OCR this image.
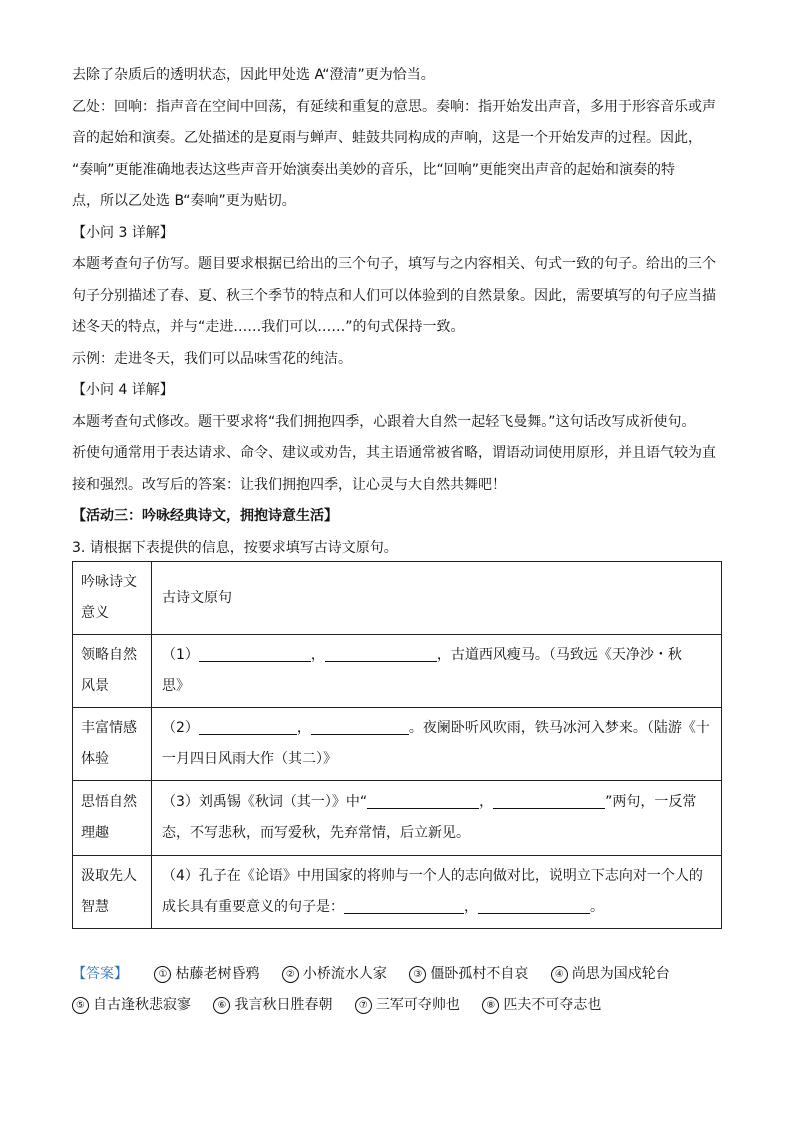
去除了杂质后的透明状态，因此甲处选 A“澄清”更为恰当。
乙处：回响：指声音在空间中回荡，有延续和重复的意思。奏响：指开始发出声音，多用于形容音乐或声
音的起始和演奏。乙处描述的是夏雨与蝉声、蛙鼓共同构成的声响，这是一个开始发声的过程。因此，
“奏响”更能准确地表达这些声音开始演奏出美妙的音乐，比“回响”更能突出声音的起始和演奏的特
点，所以乙处选 B“奏响”更为贴切。
【小问 3 详解】
本题考查句子仿写。题目要求根据已给出的三个句子，填写与之内容相关、句式一致的句子。给出的三个
句子分别描述了春、夏、秋三个季节的特点和人们可以体验到的自然景象。因此，需要填写的句子应当描
述冬天的特点，并与“走进……我们可以……”的句式保持一致。
示例：走进冬天，我们可以品味雪花的纯洁。
【小问 4 详解】
本题考查句式修改。题干要求将“我们拥抱四季，心跟着大自然一起轻飞曼舞。”这句话改写成祈使句。
祈使句通常用于表达请求、命令、建议或劝告，其主语通常被省略，谓语动词使用原形，并且语气较为直
接和强烈。改写后的答案：让我们拥抱四季，让心灵与大自然共舞吧！
【活动三：吟咏经典诗文，拥抱诗意生活】
3. 请根据下表提供的信息，按要求填写古诗文原句。
吟咏诗文
意义	古诗文原句

领略自然
风景	（1） ， ，古道西风瘦马。（马致远《天净沙・秋
思》

丰富情感
体验	（2） ， 。夜阑卧听风吹雨，铁马冰河入梦来。（陆游《十
一月四日风雨大作（其二）》

思悟自然
理趣	（3）刘禹锡《秋词（其一）》中“ ， ”两句，一反常
态，不写悲秋，而写爱秋，先弃常情，后立新见。

汲取先人
智慧	（4）孔子在《论语》中用国家的将帅与一个人的志向做对比，说明立下志向对一个人的
成长具有重要意义的句子是： ， 。
【答案】	① 枯藤老树昏鸦	② 小桥流水人家	③ 僵卧孤村不自哀	④ 尚思为国戍轮台
⑤ 自古逢秋悲寂寥	⑥ 我言秋日胜春朝	⑦ 三军可夺帅也	⑧ 匹夫不可夺志也
